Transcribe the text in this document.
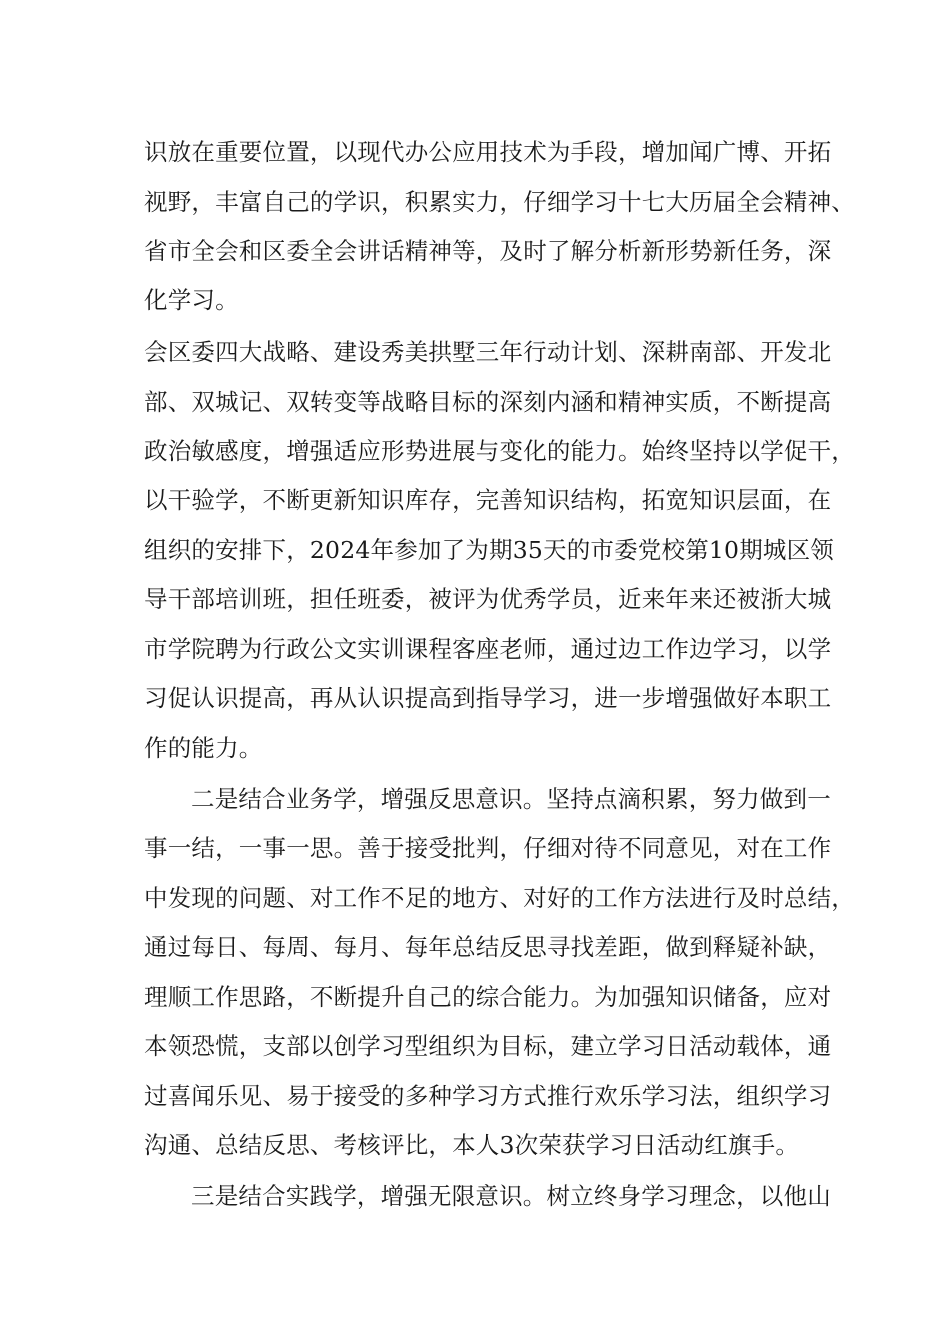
识放在重要位置，以现代办公应用技术为手段，增加闻广博、开拓
视野，丰富自己的学识，积累实力，仔细学习十七大历届全会精神、
省市全会和区委全会讲话精神等，及时了解分析新形势新任务，深
化学习。
会区委四大战略、建设秀美拱墅三年行动计划、深耕南部、开发北
部、双城记、双转变等战略目标的深刻内涵和精神实质，不断提高
政治敏感度，增强适应形势进展与变化的能力。始终坚持以学促干，
以干验学，不断更新知识库存，完善知识结构，拓宽知识层面，在
组织的安排下，2024年参加了为期35天的市委党校第10期城区领
导干部培训班，担任班委，被评为优秀学员，近来年来还被浙大城
市学院聘为行政公文实训课程客座老师，通过边工作边学习，以学
习促认识提高，再从认识提高到指导学习，进一步增强做好本职工
作的能力。
二是结合业务学，增强反思意识。坚持点滴积累，努力做到一
事一结，一事一思。善于接受批判，仔细对待不同意见，对在工作
中发现的问题、对工作不足的地方、对好的工作方法进行及时总结，
通过每日、每周、每月、每年总结反思寻找差距，做到释疑补缺，
理顺工作思路，不断提升自己的综合能力。为加强知识储备，应对
本领恐慌，支部以创学习型组织为目标，建立学习日活动载体，通
过喜闻乐见、易于接受的多种学习方式推行欢乐学习法，组织学习
沟通、总结反思、考核评比，本人3次荣获学习日活动红旗手。
三是结合实践学，增强无限意识。树立终身学习理念，以他山
